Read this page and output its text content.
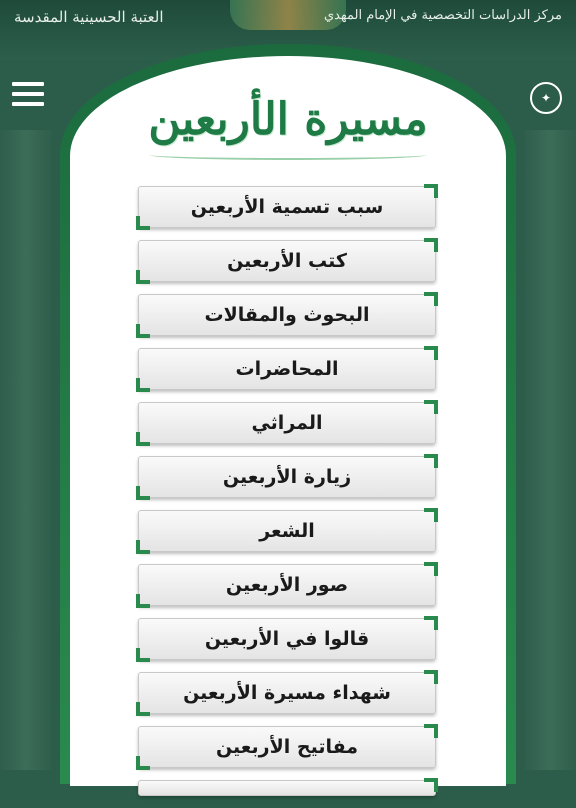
العتبة الحسينية المقدسة	مركز الدراسات التخصصية في الإمام المهدي
✦
مسيرة الأربعين
سبب تسمية الأربعين
كتب الأربعين
البحوث والمقالات
المحاضرات
المراثي
زيارة الأربعين
الشعر
صور الأربعين
قالوا في الأربعين
شهداء مسيرة الأربعين
مفاتيح الأربعين
